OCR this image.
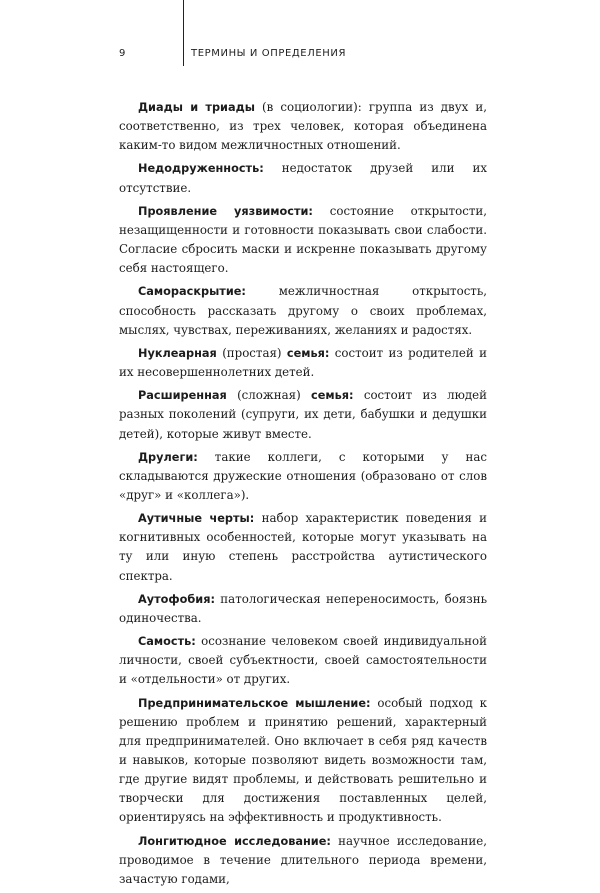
9	ТЕРМИНЫ И ОПРЕДЕЛЕНИЯ

Диады и триады (в социологии): группа из двух и, соответственно, из трех человек, которая объединена каким-то видом межличностных отношений.

Недодруженность: недостаток друзей или их отсутствие.

Проявление уязвимости: состояние открытости, незащищенности и готовности показывать свои слабости. Согласие сбросить маски и искренне показывать другому себя настоящего.

Самораскрытие: межличностная открытость, способность рассказать другому о своих проблемах, мыслях, чувствах, переживаниях, желаниях и радостях.

Нуклеарная (простая) семья: состоит из родителей и их несовершеннолетних детей.

Расширенная (сложная) семья: состоит из людей разных поколений (супруги, их дети, бабушки и дедушки детей), которые живут вместе.

Друлеги: такие коллеги, с которыми у нас складываются дружеские отношения (образовано от слов «друг» и «коллега»).

Аутичные черты: набор характеристик поведения и когнитивных особенностей, которые могут указывать на ту или иную степень расстройства аутистического спектра.

Аутофобия: патологическая непереносимость, боязнь одиночества.

Самость: осознание человеком своей индивидуальной личности, своей субъектности, своей самостоятельности и «отдельности» от других.

Предпринимательское мышление: особый подход к решению проблем и принятию решений, характерный для предпринимателей. Оно включает в себя ряд качеств и навыков, которые позволяют видеть возможности там, где другие видят проблемы, и действовать решительно и творчески для достижения поставленных целей, ориентируясь на эффективность и продуктивность.

Лонгитюдное исследование: научное исследование, проводимое в течение длительного периода времени, зачастую годами,
